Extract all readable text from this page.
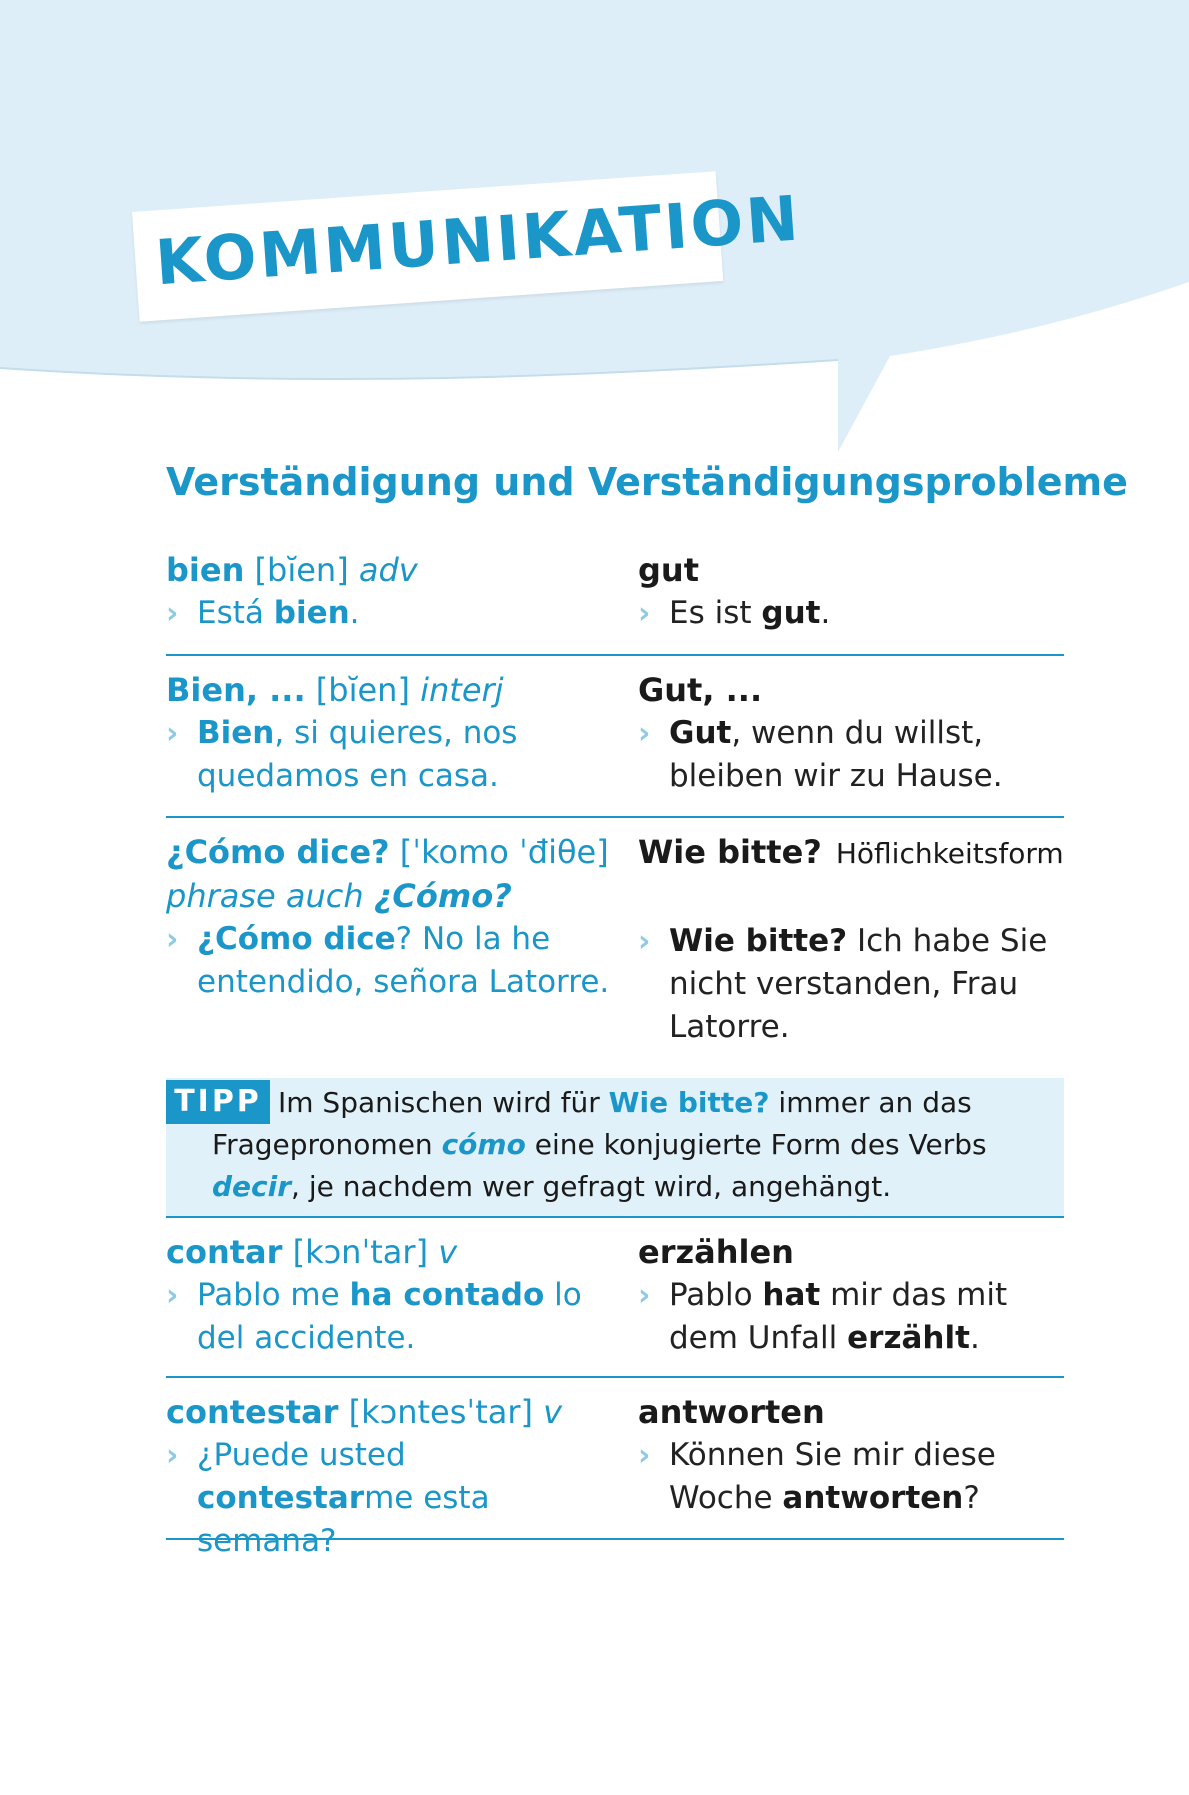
KOMMUNIKATION
Verständigung und Verständigungsprobleme
bien [bĭen] adv
› Está bien.
gut
› Es ist gut.
Bien, ... [bĭen] interj
› Bien, si quieres, nos quedamos en casa.
Gut, ...
› Gut, wenn du willst, bleiben wir zu Hause.
¿Cómo dice? [ˈkomo ˈđiθe]
phrase auch ¿Cómo?
› ¿Cómo dice? No la he entendido, señora Latorre.
Wie bitte? Höflichkeitsform

› Wie bitte? Ich habe Sie nicht verstanden, Frau Latorre.
TIPP Im Spanischen wird für Wie bitte? immer an das Fragepronomen cómo eine konjugierte Form des Verbs decir, je nachdem wer gefragt wird, angehängt.
contar [kɔnˈtar] v
› Pablo me ha contado lo del accidente.
erzählen
› Pablo hat mir das mit dem Unfall erzählt.
contestar [kɔntesˈtar] v
› ¿Puede usted contestarme esta semana?
antworten
› Können Sie mir diese Woche antworten?
